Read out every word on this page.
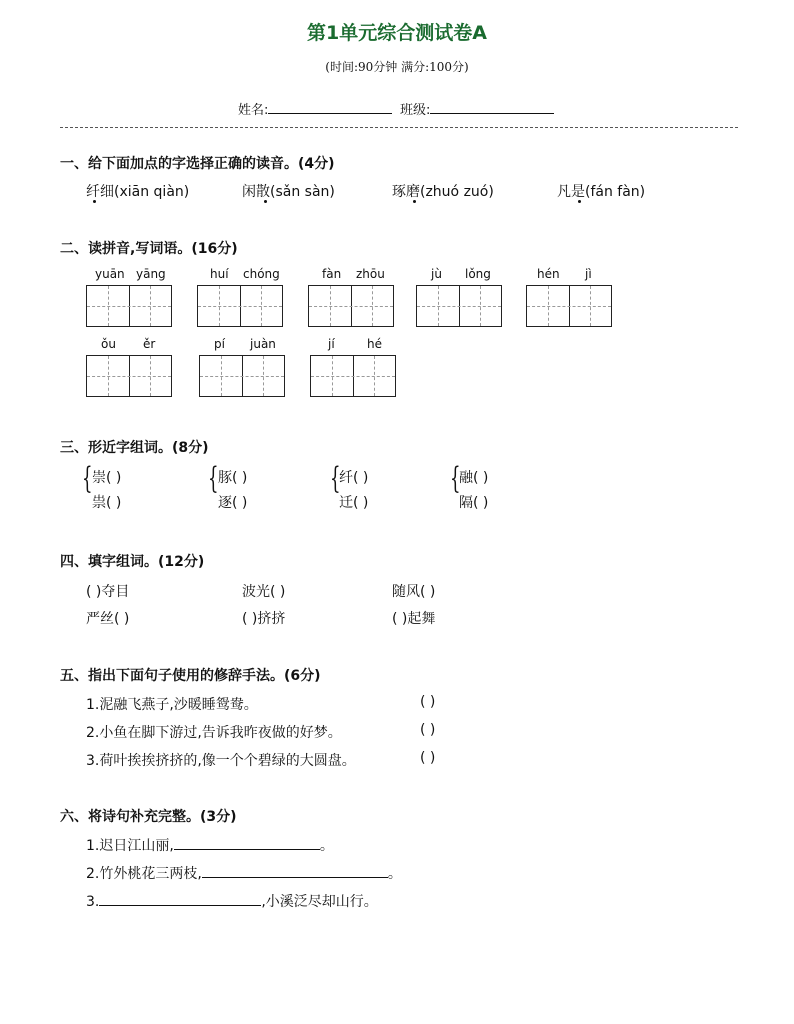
第1单元综合测试卷A
(时间:90分钟 满分:100分)
姓名:	班级:
一、给下面加点的字选择正确的读音。(4分)
纤细(xiān qiàn)	闲散(sǎn sàn)	琢磨(zhuó zuó)	凡是(fán fàn)
二、读拼音,写词语。(16分)
yuān yāng	huí chóng	fàn zhōu	jù lǒng	hén jì
ǒu ěr	pí juàn	jí	hé
三、形近字组词。(8分)
{ 崇( )
祟( )
{ 豚( )
逐( )
{
纤( )
迁( )
{
融( )
隔( )
四、填字组词。(12分)
( )夺目	波光( )	随风( )
严丝( )	( )挤挤	( )起舞
五、指出下面句子使用的修辞手法。(6分)
1.泥融飞燕子,沙暖睡鸳鸯。	( )
2.小鱼在脚下游过,告诉我昨夜做的好梦。	( )
3.荷叶挨挨挤挤的,像一个个碧绿的大圆盘。	( )
六、将诗句补充完整。(3分)
1.迟日江山丽,	。
2.竹外桃花三两枝,	。
3.	,小溪泛尽却山行。
